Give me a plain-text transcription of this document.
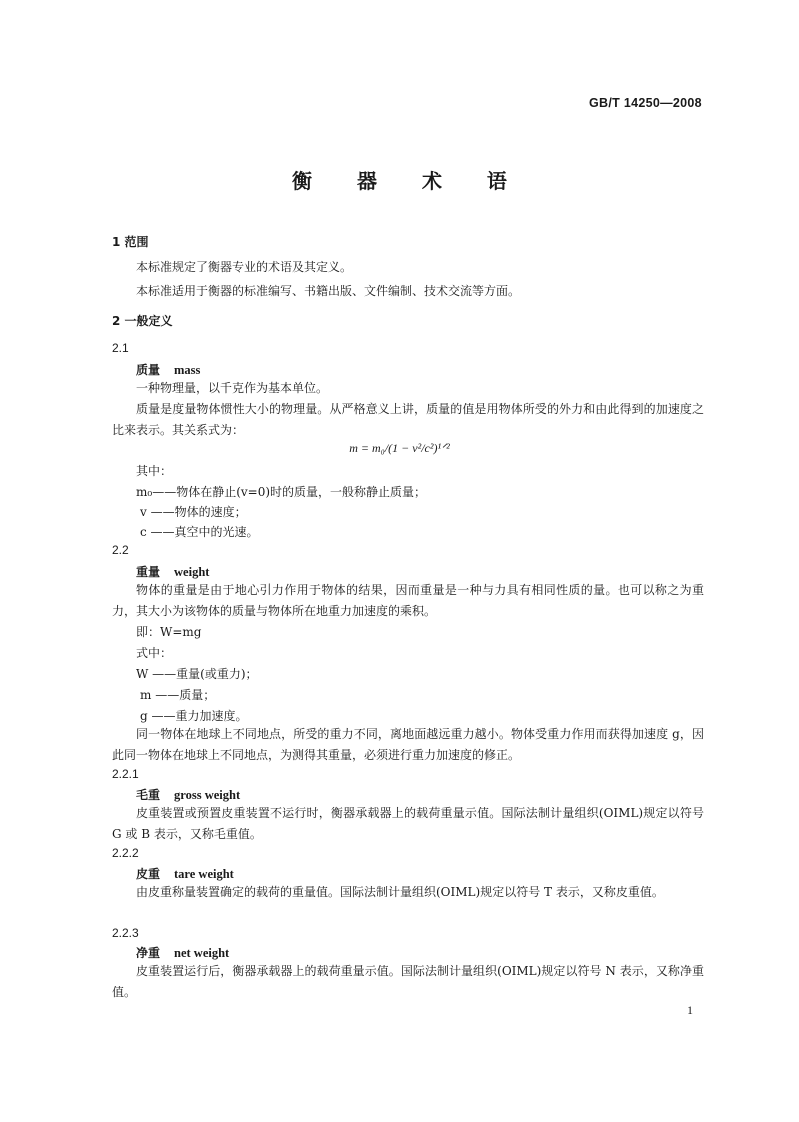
GB/T 14250—2008
衡 器 术 语
1 范围
本标准规定了衡器专业的术语及其定义。
本标准适用于衡器的标准编写、书籍出版、文件编制、技术交流等方面。
2 一般定义
2.1
质量 mass
一种物理量，以千克作为基本单位。
质量是度量物体惯性大小的物理量。从严格意义上讲，质量的值是用物体所受的外力和由此得到的加速度之比来表示。其关系式为：
m = m₀/(1 − v²/c²)¹ᐟ²
其中：
m₀——物体在静止(v=0)时的质量，一般称静止质量；
v ——物体的速度；
c ——真空中的光速。
2.2
重量 weight
物体的重量是由于地心引力作用于物体的结果，因而重量是一种与力具有相同性质的量。也可以称之为重力，其大小为该物体的质量与物体所在地重力加速度的乘积。
即：W=mg
式中：
W ——重量(或重力)；
m ——质量；
g ——重力加速度。
同一物体在地球上不同地点，所受的重力不同，离地面越远重力越小。物体受重力作用而获得加速度 g，因此同一物体在地球上不同地点，为测得其重量，必须进行重力加速度的修正。
2.2.1
毛重 gross weight
皮重装置或预置皮重装置不运行时，衡器承载器上的载荷重量示值。国际法制计量组织(OIML)规定以符号 G 或 B 表示，又称毛重值。
2.2.2
皮重 tare weight
由皮重称量装置确定的载荷的重量值。国际法制计量组织(OIML)规定以符号 T 表示，又称皮重值。
2.2.3
净重 net weight
皮重装置运行后，衡器承载器上的载荷重量示值。国际法制计量组织(OIML)规定以符号 N 表示，又称净重值。
1
